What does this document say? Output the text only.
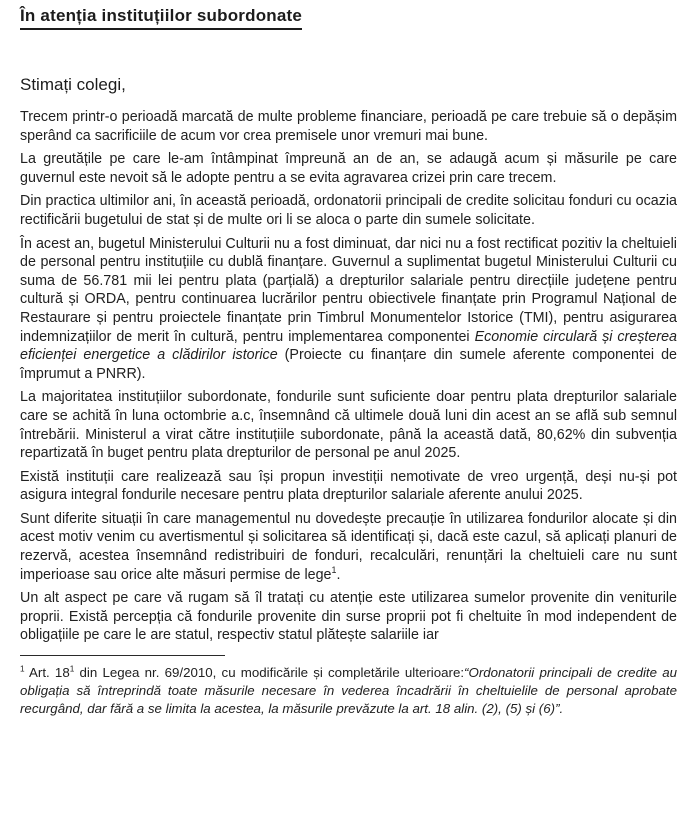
În atenția instituțiilor subordonate

Stimați colegi,

Trecem printr-o perioadă marcată de multe probleme financiare, perioadă pe care trebuie să o depășim sperând ca sacrificiile de acum vor crea premisele unor vremuri mai bune.

La greutățile pe care le-am întâmpinat împreună an de an, se adaugă acum și măsurile pe care guvernul este nevoit să le adopte pentru a se evita agravarea crizei prin care trecem.

Din practica ultimilor ani, în această perioadă, ordonatorii principali de credite solicitau fonduri cu ocazia rectificării bugetului de stat și de multe ori li se aloca o parte din sumele solicitate.

În acest an, bugetul Ministerului Culturii nu a fost diminuat, dar nici nu a fost rectificat pozitiv la cheltuieli de personal pentru instituțiile cu dublă finanțare. Guvernul a suplimentat bugetul Ministerului Culturii cu suma de 56.781 mii lei pentru plata (parțială) a drepturilor salariale pentru direcțiile județene pentru cultură și ORDA, pentru continuarea lucrărilor pentru obiectivele finanțate prin Programul Național de Restaurare și pentru proiectele finanțate prin Timbrul Monumentelor Istorice (TMI), pentru asigurarea indemnizațiilor de merit în cultură, pentru implementarea componentei Economie circulară și creșterea eficienței energetice a clădirilor istorice (Proiecte cu finanțare din sumele aferente componentei de împrumut a PNRR).

La majoritatea instituțiilor subordonate, fondurile sunt suficiente doar pentru plata drepturilor salariale care se achită în luna octombrie a.c, însemnând că ultimele două luni din acest an se află sub semnul întrebării. Ministerul a virat către instituțiile subordonate, până la această dată, 80,62% din subvenția repartizată în buget pentru plata drepturilor de personal pe anul 2025.

Există instituții care realizează sau își propun investiții nemotivate de vreo urgență, deși nu-și pot asigura integral fondurile necesare pentru plata drepturilor salariale aferente anului 2025.

Sunt diferite situații în care managementul nu dovedește precauție în utilizarea fondurilor alocate și din acest motiv venim cu avertismentul și solicitarea să identificați și, dacă este cazul, să aplicați planuri de rezervă, acestea însemnând redistribuiri de fonduri, recalculări, renunțări la cheltuieli care nu sunt imperioase sau orice alte măsuri permise de lege$^1$.

Un alt aspect pe care vă rugam să îl tratați cu atenție este utilizarea sumelor provenite din veniturile proprii. Există percepția că fondurile provenite din surse proprii pot fi cheltuite în mod independent de obligațiile pe care le are statul, respectiv statul plătește salariile iar

$^1$ Art. $18^1$ din Legea nr. 69/2010, cu modificările și completările ulterioare:“Ordonatorii principali de credite au obligația să întreprindă toate măsurile necesare în vederea încadrării în cheltuielile de personal aprobate recurgând, dar fără a se limita la acestea, la măsurile prevăzute la art. 18 alin. (2), (5) și (6)”.
